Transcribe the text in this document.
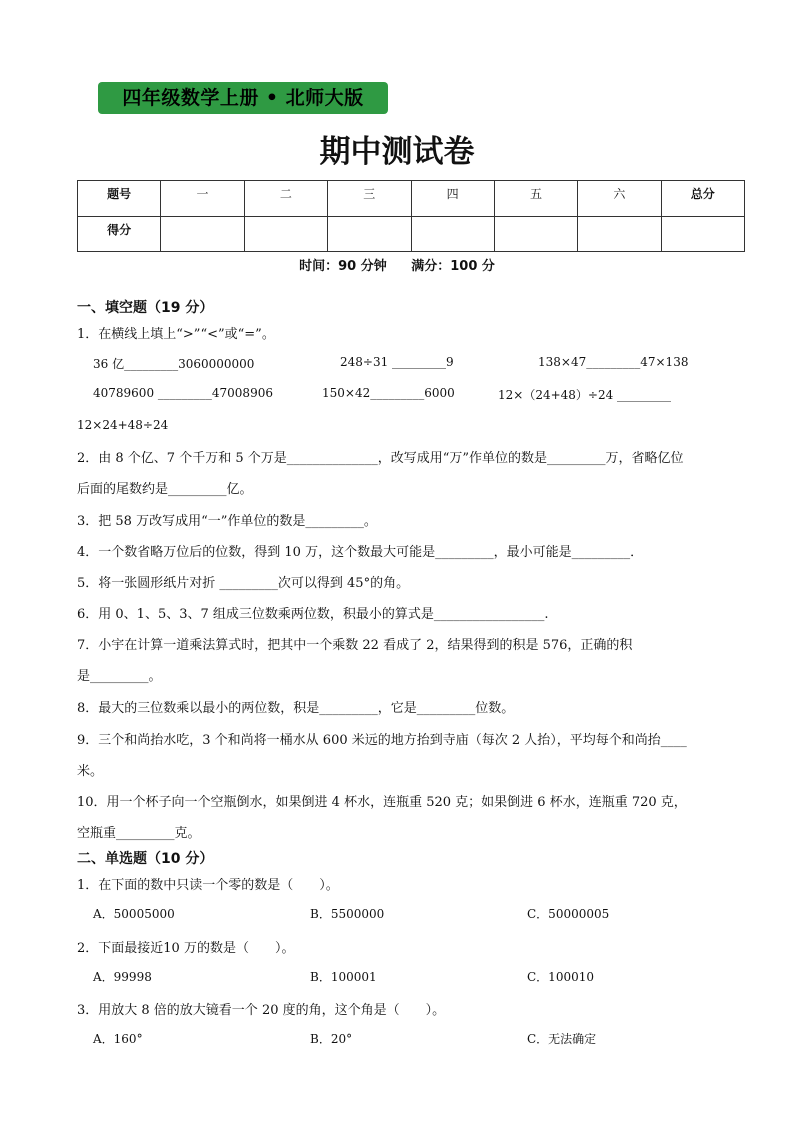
四年级数学上册 • 北师大版
期中测试卷
题号	一	二	三	四	五	六	总分
得分							
时间：90 分钟 满分：100 分
一、填空题（19 分）
1．在横线上填上“>”“<”或“=”。
36 亿_________3060000000	248÷31 _________9	138×47_________47×138
40789600 _________47008906	150×42_________6000	12×（24+48）÷24 _________
12×24+48÷24
2．由 8 个亿、7 个千万和 5 个万是______________，改写成用“万”作单位的数是_________万，省略亿位
后面的尾数约是_________亿。
3．把 58 万改写成用“一”作单位的数是_________。
4．一个数省略万位后的位数，得到 10 万，这个数最大可能是_________，最小可能是_________．
5．将一张圆形纸片对折 _________次可以得到 45°的角。
6．用 0、1、5、3、7 组成三位数乘两位数，积最小的算式是_________________.
7．小宇在计算一道乘法算式时，把其中一个乘数 22 看成了 2，结果得到的积是 576，正确的积
是_________。
8．最大的三位数乘以最小的两位数，积是_________，它是_________位数。
9．三个和尚抬水吃，3 个和尚将一桶水从 600 米远的地方抬到寺庙（每次 2 人抬），平均每个和尚抬____
米。
10．用一个杯子向一个空瓶倒水，如果倒进 4 杯水，连瓶重 520 克；如果倒进 6 杯水，连瓶重 720 克，
空瓶重_________克。
二、单选题（10 分）
1．在下面的数中只读一个零的数是（　　）。
A．50005000	B．5500000	C．50000005
2．下面最接近10 万的数是（　　）。
A．99998	B．100001	C．100010
3．用放大 8 倍的放大镜看一个 20 度的角，这个角是（　　）。
A．160°	B．20°	C．无法确定
